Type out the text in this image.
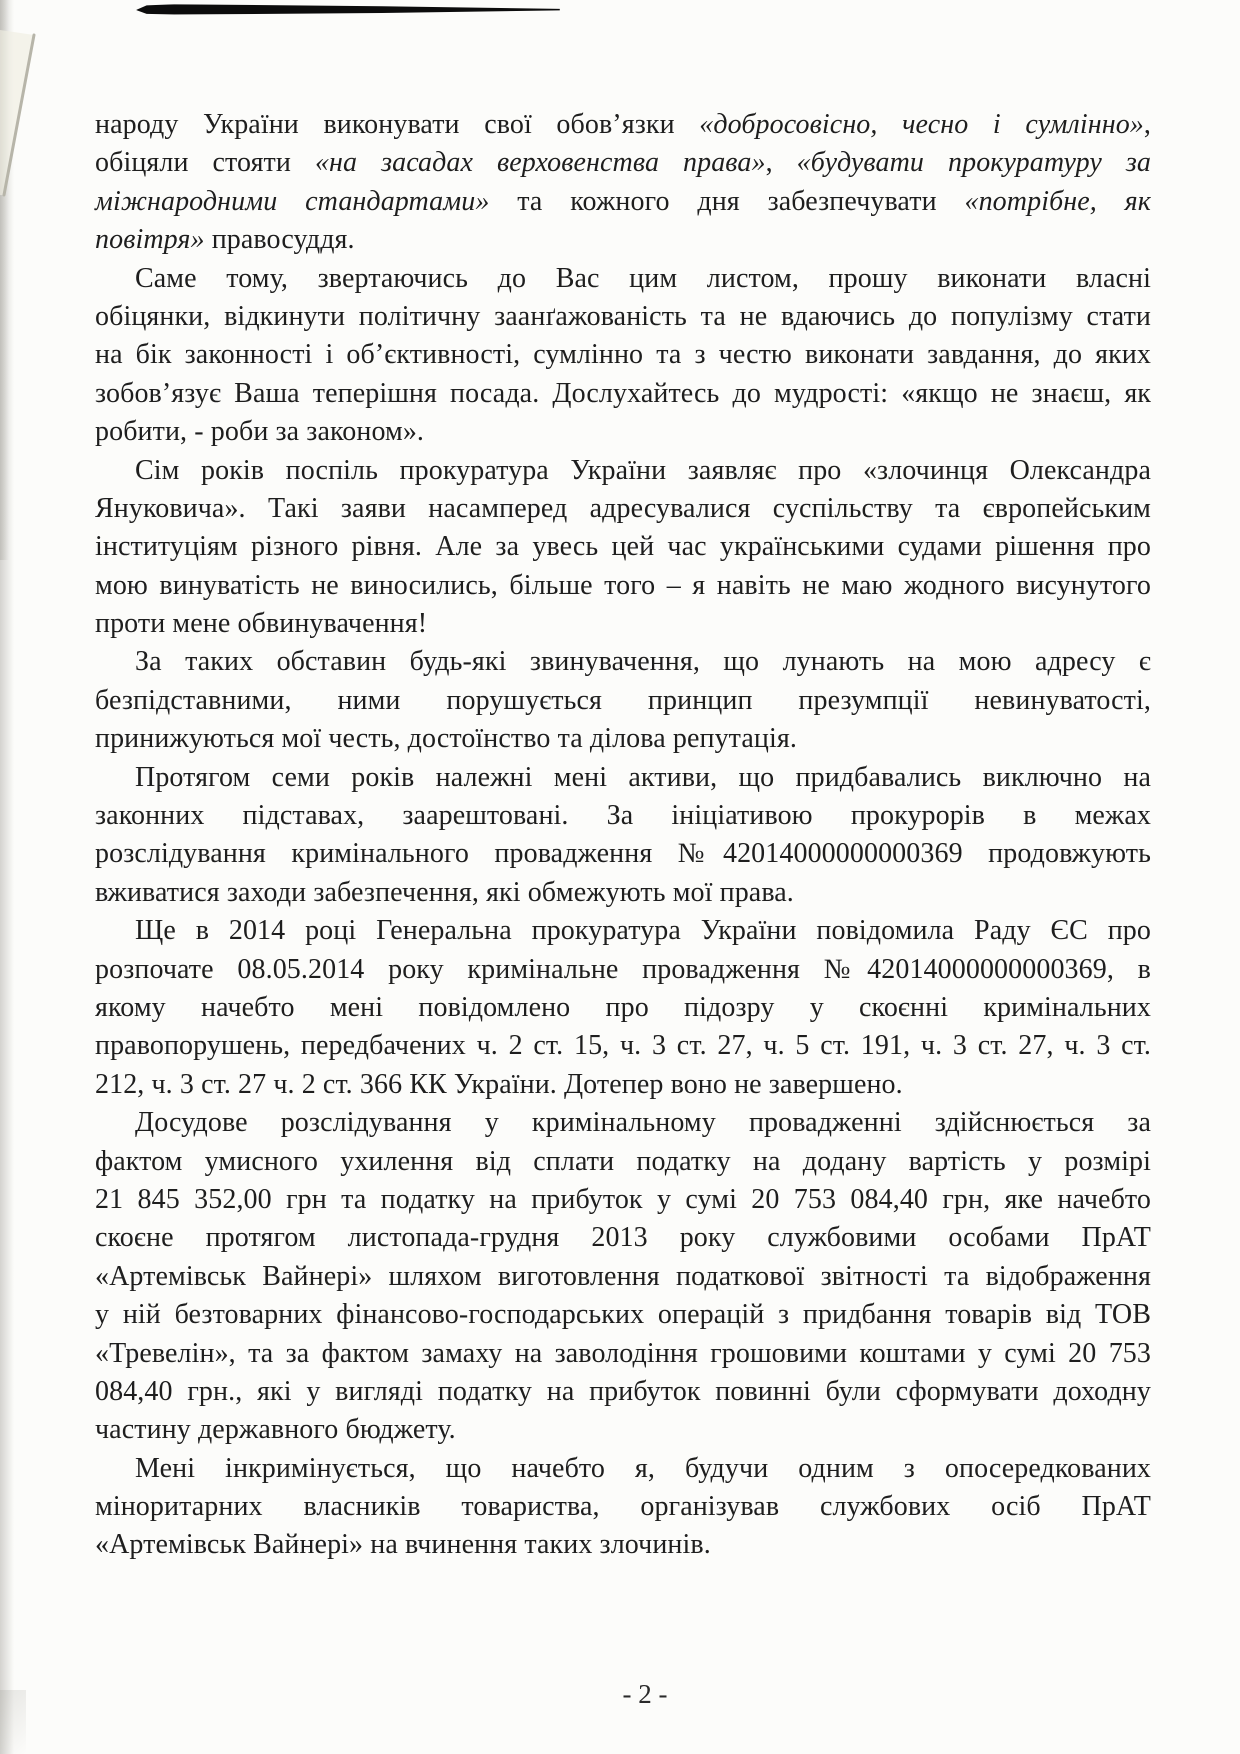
народу України виконувати свої обов’язки «добросовісно, чесно і сумлінно»,
обіцяли стояти «на засадах верховенства права», «будувати прокуратуру за
міжнародними стандартами» та кожного дня забезпечувати «потрібне, як
повітря» правосуддя.
Саме тому, звертаючись до Вас цим листом, прошу виконати власні
обіцянки, відкинути політичну заанґажованість та не вдаючись до популізму стати
на бік законності і об’єктивності, сумлінно та з честю виконати завдання, до яких
зобов’язує Ваша теперішня посада. Дослухайтесь до мудрості: «якщо не знаєш, як
робити, - роби за законом».
Сім років поспіль прокуратура України заявляє про «злочинця Олександра
Януковича». Такі заяви насамперед адресувалися суспільству та європейським
інституціям різного рівня. Але за увесь цей час українськими судами рішення про
мою винуватість не виносились, більше того – я навіть не маю жодного висунутого
проти мене обвинувачення!
За таких обставин будь-які звинувачення, що лунають на мою адресу є
безпідставними, ними порушується принцип презумпції невинуватості,
принижуються мої честь, достоїнство та ділова репутація.
Протягом семи років належні мені активи, що придбавались виключно на
законних підставах, заарештовані. За ініціативою прокурорів в межах
розслідування кримінального провадження №42014000000000369 продовжують
вживатися заходи забезпечення, які обмежують мої права.
Ще в 2014 році Генеральна прокуратура України повідомила Раду ЄС про
розпочате 08.05.2014 року кримінальне провадження №42014000000000369, в
якому начебто мені повідомлено про підозру у скоєнні кримінальних
правопорушень, передбачених ч. 2 ст. 15, ч. 3 ст. 27, ч. 5 ст. 191, ч. 3 ст. 27, ч. 3 ст.
212, ч. 3 ст. 27 ч. 2 ст. 366 КК України. Дотепер воно не завершено.
Досудове розслідування у кримінальному провадженні здійснюється за
фактом умисного ухилення від сплати податку на додану вартість у розмірі
21 845 352,00 грн та податку на прибуток у сумі 20 753 084,40 грн, яке начебто
скоєне протягом листопада-грудня 2013 року службовими особами ПрАТ
«Артемівськ Вайнері» шляхом виготовлення податкової звітності та відображення
у ній безтоварних фінансово-господарських операцій з придбання товарів від ТОВ
«Тревелін», та за фактом замаху на заволодіння грошовими коштами у сумі 20 753
084,40 грн., які у вигляді податку на прибуток повинні були сформувати доходну
частину державного бюджету.
Мені інкримінується, що начебто я, будучи одним з опосередкованих
міноритарних власників товариства, організував службових осіб ПрАТ
«Артемівськ Вайнері» на вчинення таких злочинів.
- 2 -
